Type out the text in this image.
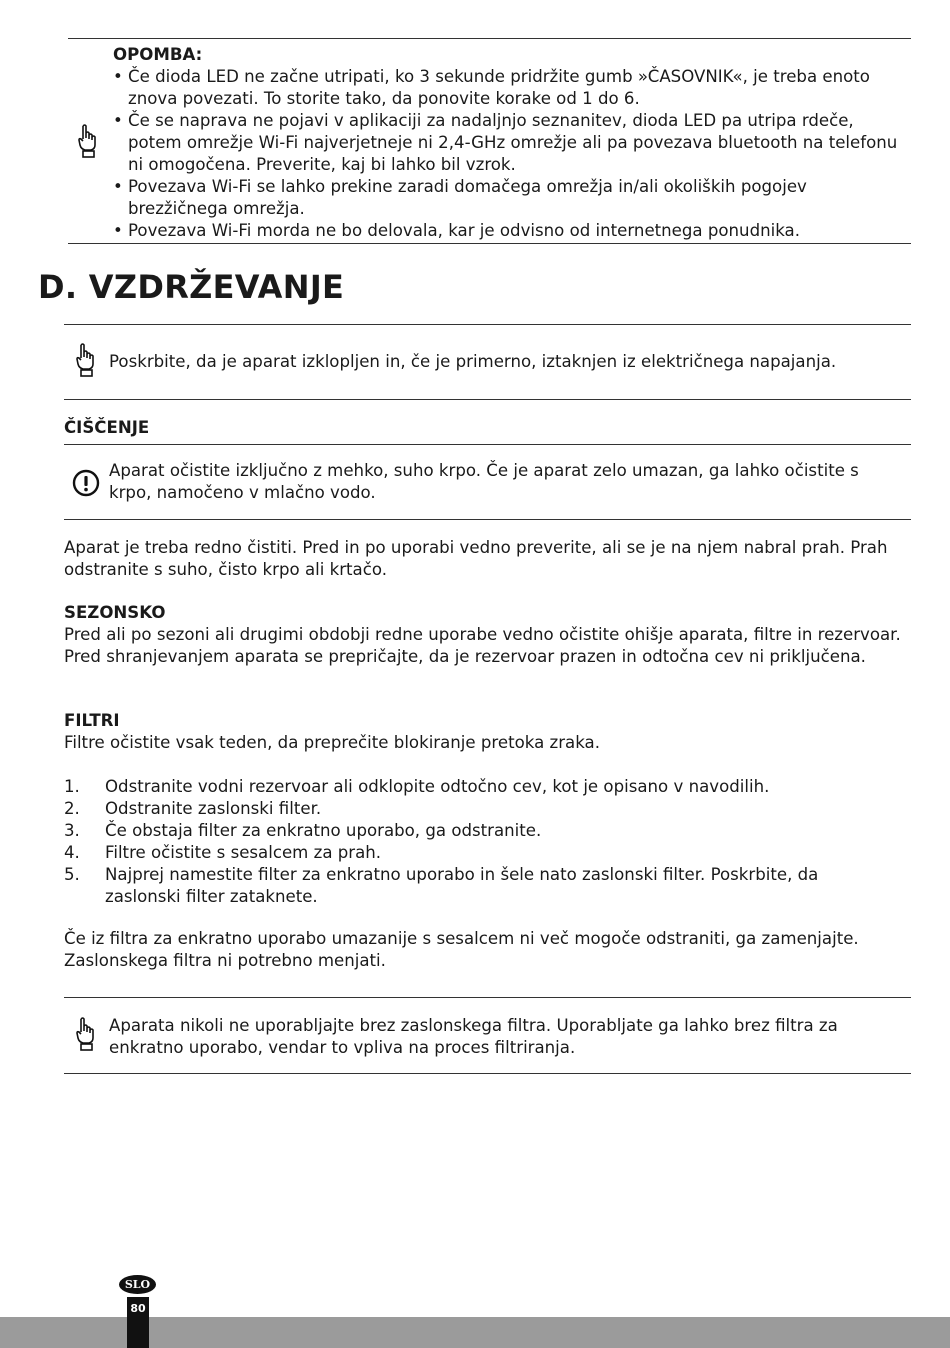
OPOMBA:
• Če dioda LED ne začne utripati, ko 3 sekunde pridržite gumb »ČASOVNIK«, je treba enoto znova povezati. To storite tako, da ponovite korake od 1 do 6.
• Če se naprava ne pojavi v aplikaciji za nadaljnjo seznanitev, dioda LED pa utripa rdeče, potem omrežje Wi-Fi najverjetneje ni 2,4-GHz omrežje ali pa povezava bluetooth na telefonu ni omogočena. Preverite, kaj bi lahko bil vzrok.
• Povezava Wi-Fi se lahko prekine zaradi domačega omrežja in/ali okoliških pogojev brezžičnega omrežja.
• Povezava Wi-Fi morda ne bo delovala, kar je odvisno od internetnega ponudnika.
D. VZDRŽEVANJE

Poskrbite, da je aparat izklopljen in, če je primerno, iztaknjen iz električnega napajanja.

ČIŠČENJE

Aparat očistite izključno z mehko, suho krpo. Če je aparat zelo umazan, ga lahko očistite s krpo, namočeno v mlačno vodo.

Aparat je treba redno čistiti. Pred in po uporabi vedno preverite, ali se je na njem nabral prah. Prah odstranite s suho, čisto krpo ali krtačo.

SEZONSKO

Pred ali po sezoni ali drugimi obdobji redne uporabe vedno očistite ohišje aparata, filtre in rezervoar. Pred shranjevanjem aparata se prepričajte, da je rezervoar prazen in odtočna cev ni priključena.

FILTRI

Filtre očistite vsak teden, da preprečite blokiranje pretoka zraka.

1. Odstranite vodni rezervoar ali odklopite odtočno cev, kot je opisano v navodilih.
2. Odstranite zaslonski filter.
3. Če obstaja filter za enkratno uporabo, ga odstranite.
4. Filtre očistite s sesalcem za prah.
5. Najprej namestite filter za enkratno uporabo in šele nato zaslonski filter. Poskrbite, da zaslonski filter zataknete.

Če iz filtra za enkratno uporabo umazanije s sesalcem ni več mogoče odstraniti, ga zamenjajte. Zaslonskega filtra ni potrebno menjati.

Aparata nikoli ne uporabljajte brez zaslonskega filtra. Uporabljate ga lahko brez filtra za enkratno uporabo, vendar to vpliva na proces filtriranja.

80
SLO
